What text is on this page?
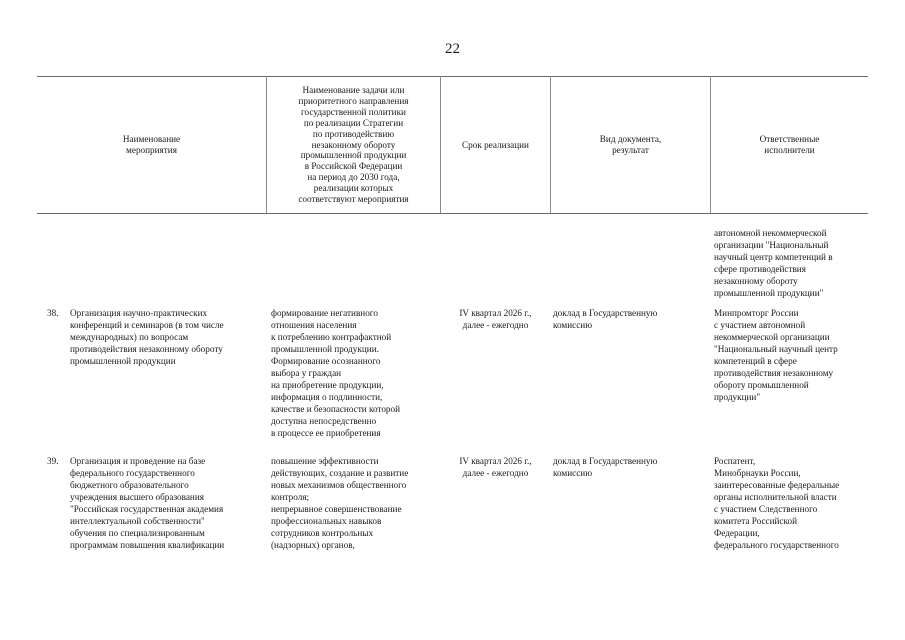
22
Наименование
мероприятия
Наименование задачи или
приоритетного направления
государственной политики
по реализации Стратегии
по противодействию
незаконному обороту
промышленной продукции
в Российской Федерации
на период до 2030 года,
реализации которых
соответствуют мероприятия
Срок реализации
Вид документа,
результат
Ответственные
исполнители
автономной некоммерческой
организации "Национальный
научный центр компетенций в
сфере противодействия
незаконному обороту
промышленной продукции"
38. Организация научно-практических
конференций и семинаров (в том числе
международных) по вопросам
противодействия незаконному обороту
промышленной продукции
формирование негативного
отношения населения
к потреблению контрафактной
промышленной продукции.
Формирование осознанного
выбора у граждан
на приобретение продукции,
информация о подлинности,
качестве и безопасности которой
доступна непосредственно
в процессе ее приобретения
IV квартал 2026 г.,
далее - ежегодно
доклад в Государственную
комиссию
Минпромторг России
с участием автономной
некоммерческой организации
"Национальный научный центр
компетенций в сфере
противодействия незаконному
обороту промышленной
продукции"
39. Организация и проведение на базе
федерального государственного
бюджетного образовательного
учреждения высшего образования
"Российская государственная академия
интеллектуальной собственности"
обучения по специализированным
программам повышения квалификации
повышение эффективности
действующих, создание и развитие
новых механизмов общественного
контроля;
непрерывное совершенствование
профессиональных навыков
сотрудников контрольных
(надзорных) органов,
IV квартал 2026 г.,
далее - ежегодно
доклад в Государственную
комиссию
Роспатент,
Минобрнауки России,
заинтересованные федеральные
органы исполнительной власти
с участием Следственного
комитета Российской
Федерации,
федерального государственного
